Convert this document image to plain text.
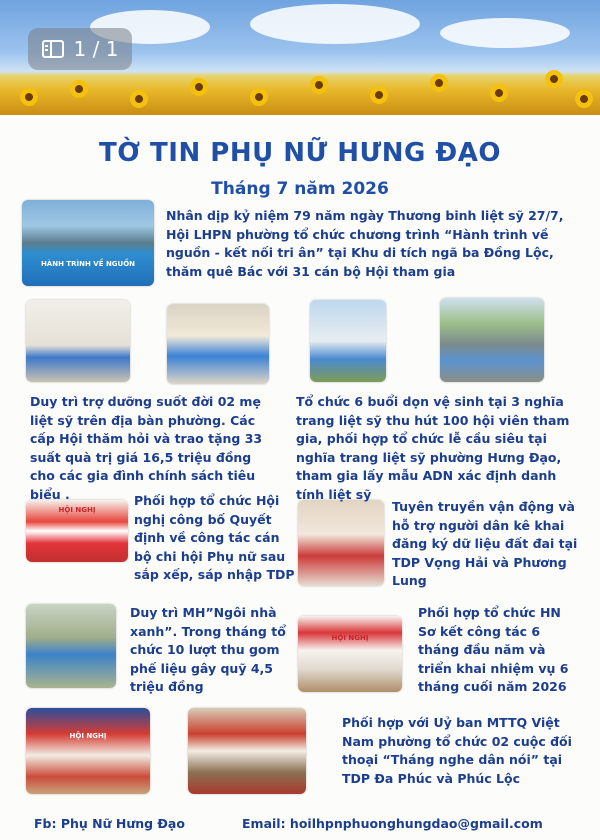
1 / 1
TỜ TIN PHỤ NỮ HƯNG ĐẠO
Tháng 7 năm 2026
HÀNH TRÌNH VỀ NGUỒN
HỘI NGHỊ
HỘI NGHỊ
HỘI NGHỊ
Nhân dịp kỷ niệm 79 năm ngày Thương binh liệt sỹ 27/7, Hội LHPN phường tổ chức chương trình “Hành trình về nguồn - kết nối tri ân” tại Khu di tích ngã ba Đồng Lộc, thăm quê Bác với 31 cán bộ Hội tham gia
Duy trì trợ dưỡng suốt đời 02 mẹ liệt sỹ trên địa bàn phường. Các cấp Hội thăm hỏi và trao tặng 33 suất quà trị giá 16,5 triệu đồng cho các gia đình chính sách tiêu biểu .
Tổ chức 6 buổi dọn vệ sinh tại 3 nghĩa trang liệt sỹ thu hút 100 hội viên tham gia, phối hợp tổ chức lễ cầu siêu tại nghĩa trang liệt sỹ phường Hưng Đạo, tham gia lấy mẫu ADN xác định danh tính liệt sỹ
Phối hợp tổ chức Hội nghị công bố Quyết định về công tác cán bộ chi hội Phụ nữ sau sắp xếp, sáp nhập TDP
Tuyên truyền vận động và hỗ trợ người dân kê khai đăng ký dữ liệu đất đai tại TDP Vọng Hải và Phương Lung
Duy trì MH”Ngôi nhà xanh”. Trong tháng tổ chức 10 lượt thu gom phế liệu gây quỹ 4,5 triệu đồng
Phối hợp tổ chức HN Sơ kết công tác 6 tháng đầu năm và triển khai nhiệm vụ 6 tháng cuối năm 2026
Phối hợp với Uỷ ban MTTQ Việt Nam phường tổ chức 02 cuộc đối thoại “Tháng nghe dân nói” tại TDP Đa Phúc và Phúc Lộc
Fb: Phụ Nữ Hưng Đạo	Email: hoilhpnphuonghungdao@gmail.com
